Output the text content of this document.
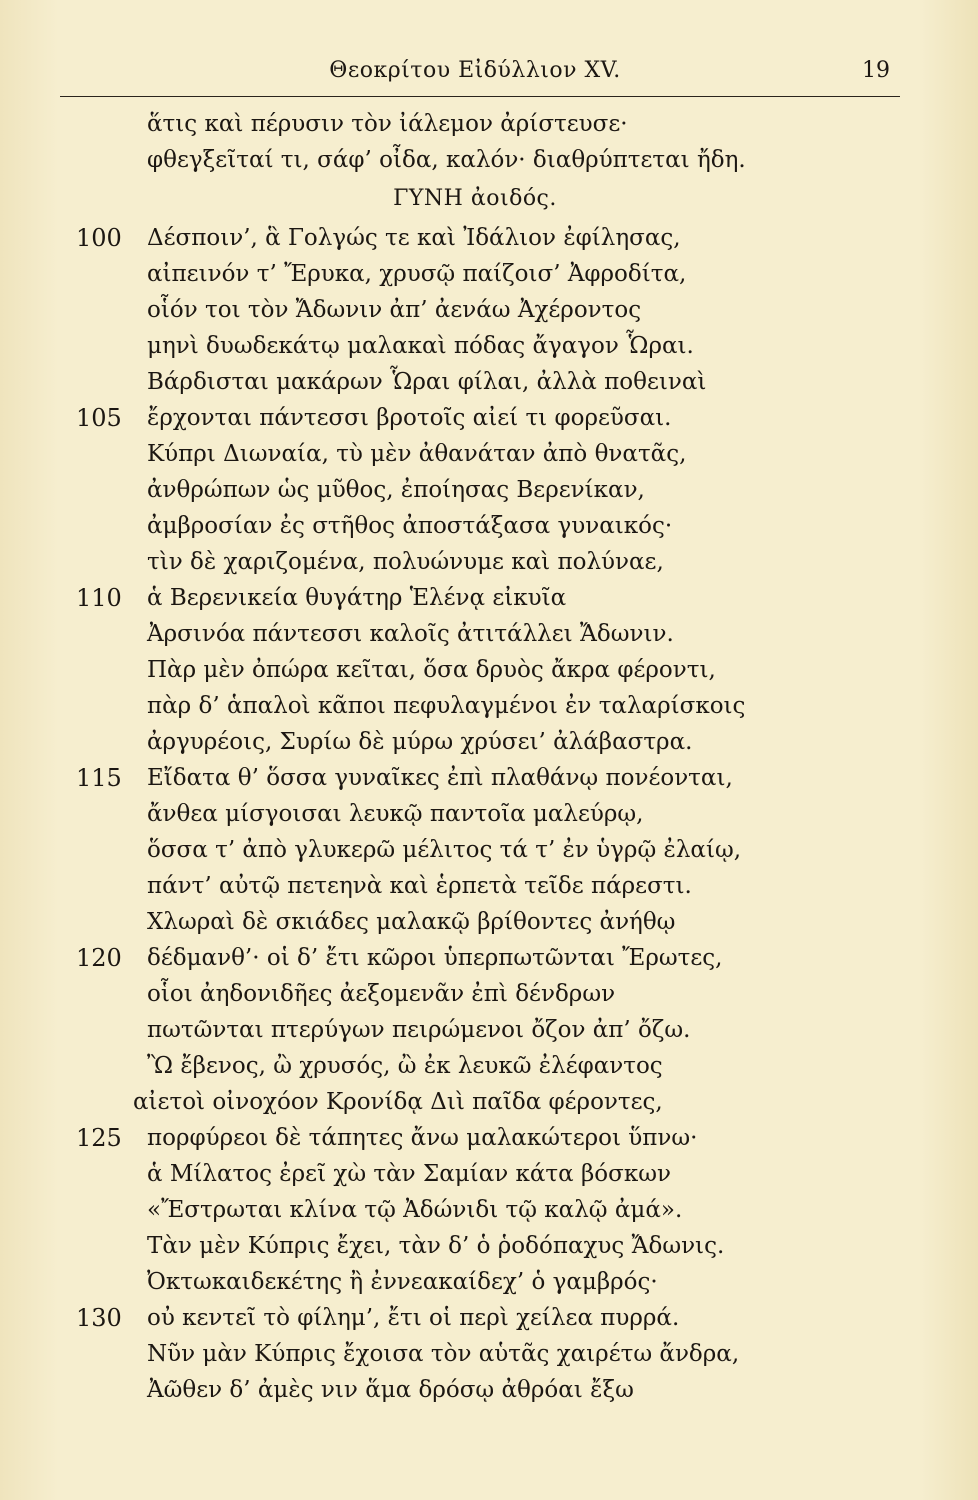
Θεοκρίτου Εἰδύλλιον XV.	19
ἅτις καὶ πέρυσιν τὸν ἰάλεμον ἀρίστευσε·
φθεγξεῖταί τι, σάφ’ οἶδα, καλόν· διαθρύπτεται ἤδη.
ΓΥΝΗ ἀοιδός.
100	Δέσποιν’, ἃ Γολγώς τε καὶ Ἰδάλιον ἐφίλησας,
αἰπεινόν τ’ Ἔρυκα, χρυσῷ παίζοισ’ Ἀφροδίτα,
οἷόν τοι τὸν Ἄδωνιν ἀπ’ ἀενάω Ἀχέροντος
μηνὶ δυωδεκάτῳ μαλακαὶ πόδας ἄγαγον Ὧραι.
Βάρδισται μακάρων Ὧραι φίλαι, ἀλλὰ ποθειναὶ
105	ἔρχονται πάντεσσι βροτοῖς αἰεί τι φορεῦσαι.
Κύπρι Διωναία, τὺ μὲν ἀθανάταν ἀπὸ θνατᾶς,
ἀνθρώπων ὡς μῦθος, ἐποίησας Βερενίκαν,
ἀμβροσίαν ἐς στῆθος ἀποστάξασα γυναικός·
τὶν δὲ χαριζομένα, πολυώνυμε καὶ πολύναε,
110	ἁ Βερενικεία θυγάτηρ Ἑλένᾳ εἰκυῖα
Ἀρσινόα πάντεσσι καλοῖς ἀτιτάλλει Ἄδωνιν.
Πὰρ μὲν ὀπώρα κεῖται, ὅσα δρυὸς ἄκρα φέροντι,
πὰρ δ’ ἁπαλοὶ κᾶποι πεφυλαγμένοι ἐν ταλαρίσκοις
ἀργυρέοις, Συρίω δὲ μύρω χρύσει’ ἀλάβαστρα.
115	Εἴδατα θ’ ὅσσα γυναῖκες ἐπὶ πλαθάνῳ πονέονται,
ἄνθεα μίσγοισαι λευκῷ παντοῖα μαλεύρῳ,
ὅσσα τ’ ἀπὸ γλυκερῶ μέλιτος τά τ’ ἐν ὑγρῷ ἐλαίῳ,
πάντ’ αὐτῷ πετεηνὰ καὶ ἑρπετὰ τεῖδε πάρεστι.
Χλωραὶ δὲ σκιάδες μαλακῷ βρίθοντες ἀνήθῳ
120	δέδμανθ’· οἱ δ’ ἔτι κῶροι ὑπερπωτῶνται Ἔρωτες,
οἷοι ἀηδονιδῆες ἀεξομενᾶν ἐπὶ δένδρων
πωτῶνται πτερύγων πειρώμενοι ὄζον ἀπ’ ὄζω.
Ὢ ἔβενος, ὢ χρυσός, ὢ ἐκ λευκῶ ἐλέφαντος
αἰετοὶ οἰνοχόον Κρονίδᾳ Διὶ παῖδα φέροντες,
125	πορφύρεοι δὲ τάπητες ἄνω μαλακώτεροι ὕπνω·
ἁ Μίλατος ἐρεῖ χὼ τὰν Σαμίαν κάτα βόσκων
«Ἔστρωται κλίνα τῷ Ἀδώνιδι τῷ καλῷ ἀμά».
Τὰν μὲν Κύπρις ἔχει, τὰν δ’ ὁ ῥοδόπαχυς Ἄδωνις.
Ὀκτωκαιδεκέτης ἢ ἐννεακαίδεχ’ ὁ γαμβρός·
130	οὐ κεντεῖ τὸ φίλημ’, ἔτι οἱ περὶ χείλεα πυρρά.
Νῦν μὰν Κύπρις ἔχοισα τὸν αὑτᾶς χαιρέτω ἄνδρα,
Ἀῶθεν δ’ ἀμὲς νιν ἅμα δρόσῳ ἀθρόαι ἔξω
